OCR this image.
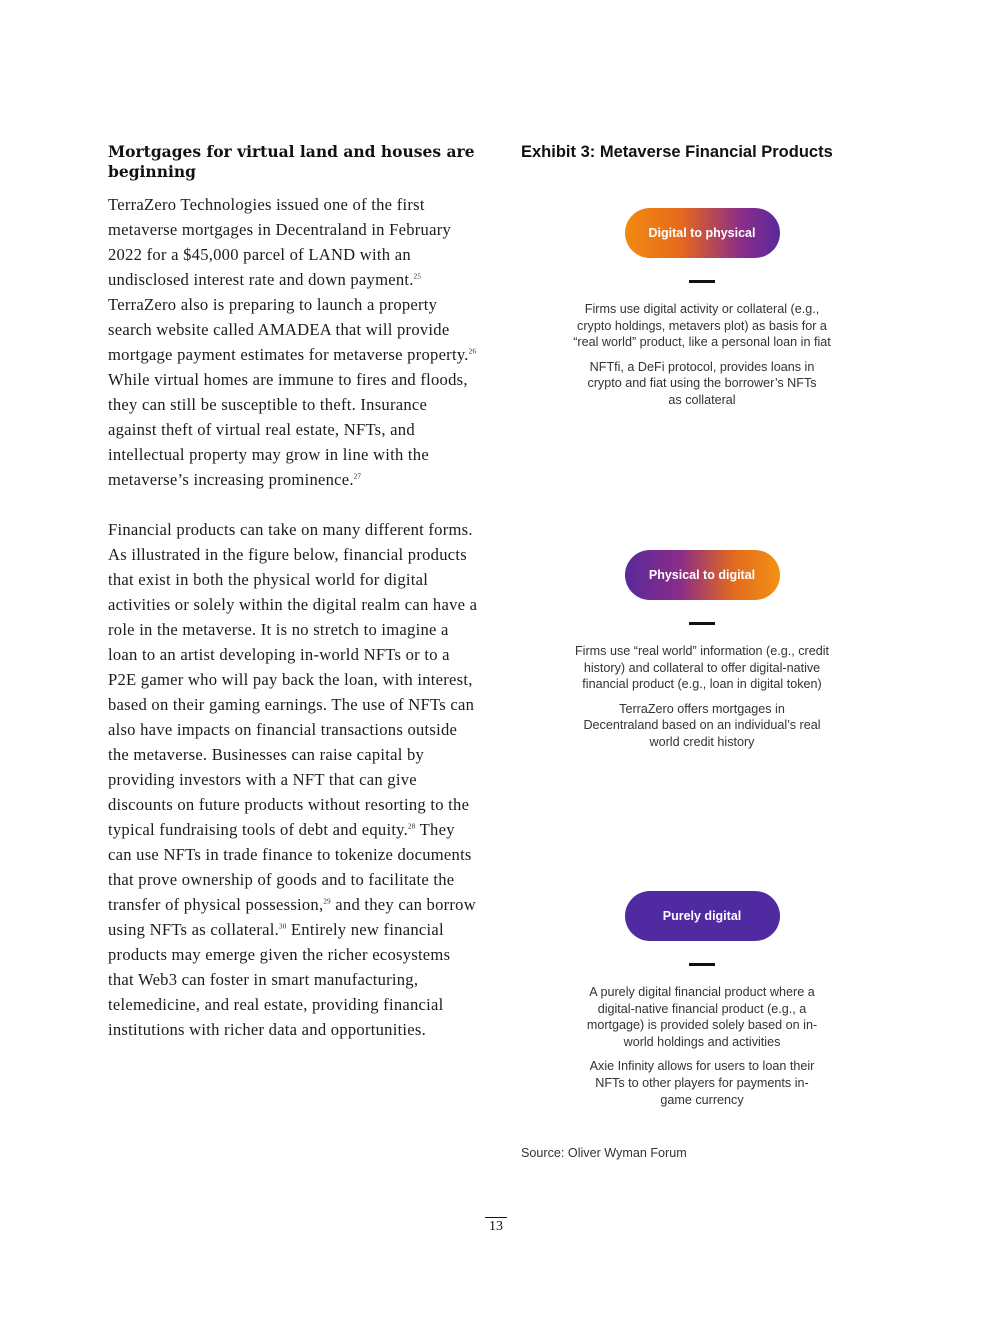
Mortgages for virtual land and houses are beginning

TerraZero Technologies issued one of the first metaverse mortgages in Decentraland in February 2022 for a $45,000 parcel of LAND with an undisclosed interest rate and down payment.$^{25}$ TerraZero also is preparing to launch a property search website called AMADEA that will provide mortgage payment estimates for metaverse property.$^{26}$ While virtual homes are immune to fires and floods, they can still be susceptible to theft. Insurance against theft of virtual real estate, NFTs, and intellectual property may grow in line with the metaverse’s increasing prominence.$^{27}$

Financial products can take on many different forms. As illustrated in the figure below, financial products that exist in both the physical world for digital activities or solely within the digital realm can have a role in the metaverse. It is no stretch to imagine a loan to an artist developing in-world NFTs or to a P2E gamer who will pay back the loan, with interest, based on their gaming earnings. The use of NFTs can also have impacts on financial transactions outside the metaverse. Businesses can raise capital by providing investors with a NFT that can give discounts on future products without resorting to the typical fundraising tools of debt and equity.$^{28}$ They can use NFTs in trade finance to tokenize documents that prove ownership of goods and to facilitate the transfer of physical possession,$^{29}$ and they can borrow using NFTs as collateral.$^{30}$ Entirely new financial products may emerge given the richer ecosystems that Web3 can foster in smart manufacturing, telemedicine, and real estate, providing financial institutions with richer data and opportunities.

Exhibit 3: Metaverse Financial Products
Digital to physical

Firms use digital activity or collateral (e.g., crypto holdings, metavers plot) as basis for a “real world” product, like a personal loan in fiat

NFTfi, a DeFi protocol, provides loans in crypto and fiat using the borrower’s NFTs as collateral

Physical to digital

Firms use “real world” information (e.g., credit history) and collateral to offer digital-native financial product (e.g., loan in digital token)

TerraZero offers mortgages in Decentraland based on an individual’s real world credit history

Purely digital

A purely digital financial product where a digital-native financial product (e.g., a mortgage) is provided solely based on in-world holdings and activities

Axie Infinity allows for users to loan their NFTs to other players for payments in-game currency

Source: Oliver Wyman Forum
13
